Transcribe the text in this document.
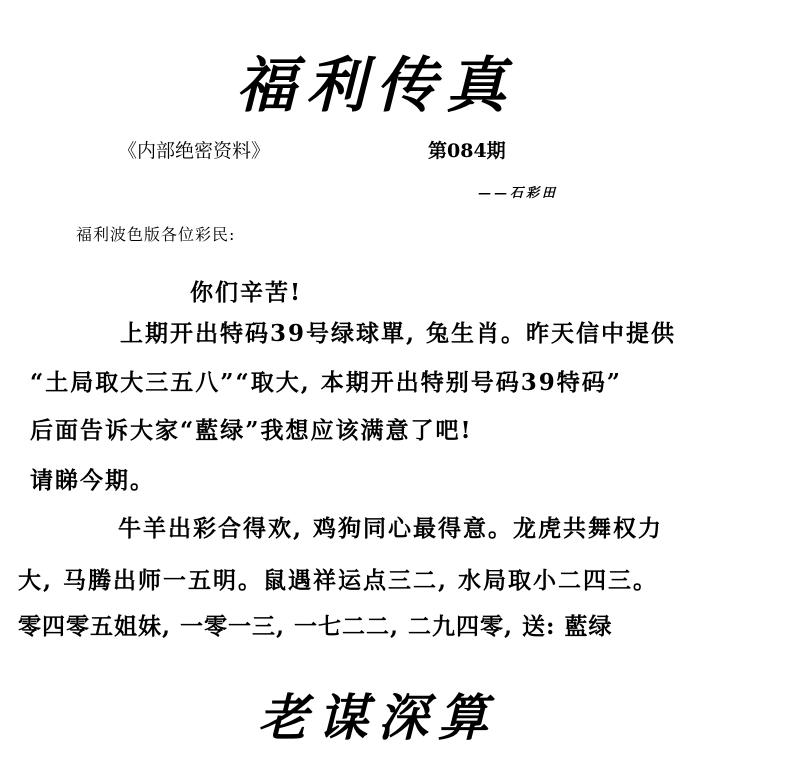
福利传真
《内部绝密资料》	第084期
——石彩田
福利波色版各位彩民:
你们辛苦!
上期开出特码39号绿球單, 兔生肖。昨天信中提供
“土局取大三五八”“取大, 本期开出特别号码39特码”
后面告诉大家“藍绿”我想应该满意了吧!
请睇今期。
牛羊出彩合得欢, 鸡狗同心最得意。龙虎共舞权力
大, 马腾出师一五明。鼠遇祥运点三二, 水局取小二四三。
零四零五姐妹, 一零一三, 一七二二, 二九四零, 送: 藍绿
老谋深算
